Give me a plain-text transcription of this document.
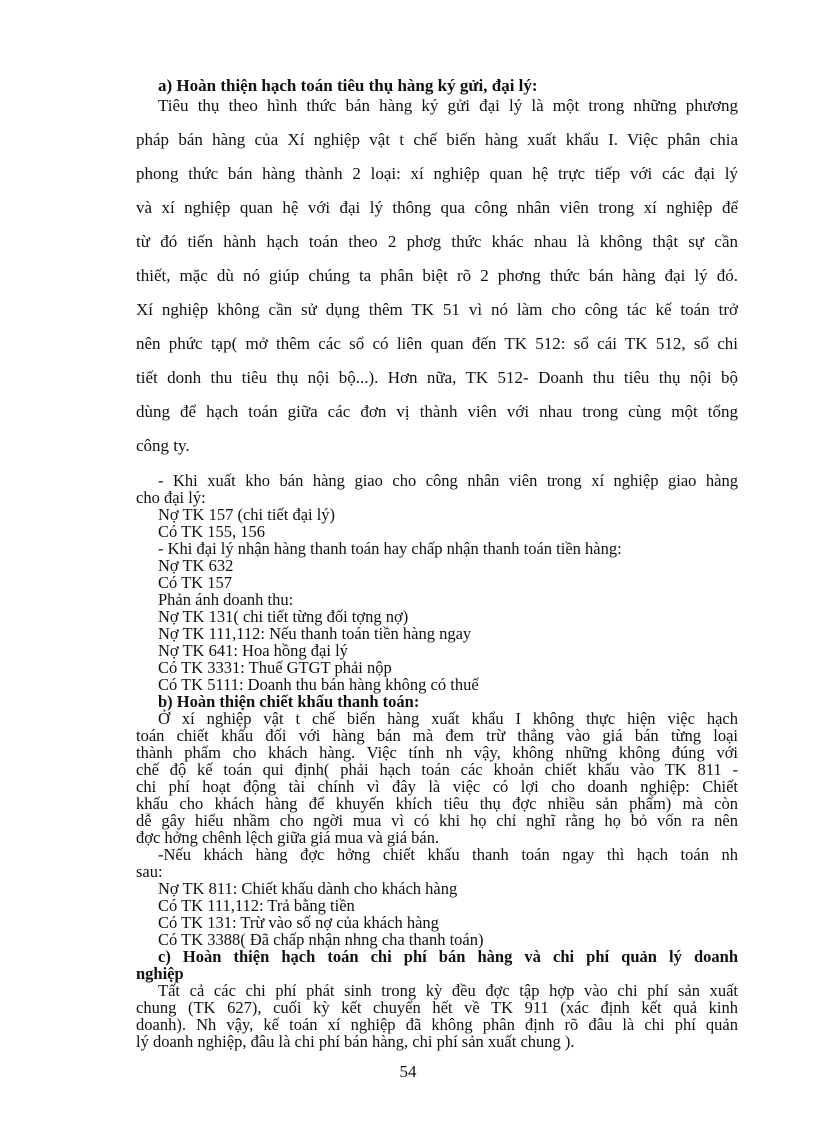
a) Hoàn thiện hạch toán tiêu thụ hàng ký gửi, đại lý:
Tiêu thụ theo hình thức bán hàng ký gửi đại lý là một trong những phương
pháp bán hàng của Xí nghiệp vật t chế biến hàng xuất khẩu I. Việc phân chia
phong thức bán hàng thành 2 loại: xí nghiệp quan hệ trực tiếp với các đại lý
và xí nghiệp quan hệ với đại lý thông qua công nhân viên trong xí nghiệp để
từ đó tiến hành hạch toán theo 2 phơg thức khác nhau là không thật sự cần
thiết, mặc dù nó giúp chúng ta phân biệt rõ 2 phơng thức bán hàng đại lý đó.
Xí nghiệp không cần sử dụng thêm TK 51 vì nó làm cho công tác kế toán trở
nên phức tạp( mở thêm các sổ có liên quan đến TK 512: sổ cái TK 512, sổ chi
tiết donh thu tiêu thụ nội bộ...). Hơn nữa, TK 512- Doanh thu tiêu thụ nội bộ
dùng để hạch toán giữa các đơn vị thành viên với nhau trong cùng một tổng
công ty.
- Khi xuất kho bán hàng giao cho công nhân viên trong xí nghiệp giao hàng
cho đại lý:
Nợ TK 157 (chi tiết đại lý)
Có TK 155, 156
- Khi đại lý nhận hàng thanh toán hay chấp nhận thanh toán tiền hàng:
Nợ TK 632
Có TK 157
Phản ánh doanh thu:
Nợ TK 131( chi tiết từng đối tợng nợ)
Nợ TK 111,112: Nếu thanh toán tiền hàng ngay
Nợ TK 641: Hoa hồng đại lý
Có TK 3331: Thuế GTGT phải nộp
Có TK 5111: Doanh thu bán hàng không có thuế
b) Hoàn thiện chiết khấu thanh toán:
Ở xí nghiệp vật t chế biến hàng xuất khẩu I không thực hiện việc hạch
toán chiết khấu đối với hàng bán mà đem trừ thẳng vào giá bán từng loại
thành phẩm cho khách hàng. Việc tính nh vậy, không những không đúng với
chế độ kế toán qui định( phải hạch toán các khoản chiết khấu vào TK 811 -
chi phí hoạt động tài chính vì đây là việc có lợi cho doanh nghiệp: Chiết
khấu cho khách hàng để khuyến khích tiêu thụ đợc nhiều sản phẩm) mà còn
dễ gây hiểu nhầm cho ngời mua vì có khi họ chỉ nghĩ rằng họ bỏ vốn ra nên
đợc hởng chênh lệch giữa giá mua và giá bán.
-Nếu khách hàng đợc hởng chiết khấu thanh toán ngay thì hạch toán nh
sau:
Nợ TK 811: Chiết khấu dành cho khách hàng
Có TK 111,112: Trả bằng tiền
Có TK 131: Trừ vào số nợ của khách hàng
Có TK 3388( Đã chấp nhận nhng cha thanh toán)
c) Hoàn thiện hạch toán chi phí bán hàng và chi phí quản lý doanh
nghiệp
Tất cả các chi phí phát sinh trong kỳ đều đợc tập hợp vào chi phí sản xuất
chung (TK 627), cuối kỳ kết chuyển hết về TK 911 (xác định kết quả kinh
doanh). Nh vậy, kế toán xí nghiệp đã không phân định rõ đâu là chi phí quản
lý doanh nghiệp, đâu là chi phí bán hàng, chi phí sản xuất chung ).
54
